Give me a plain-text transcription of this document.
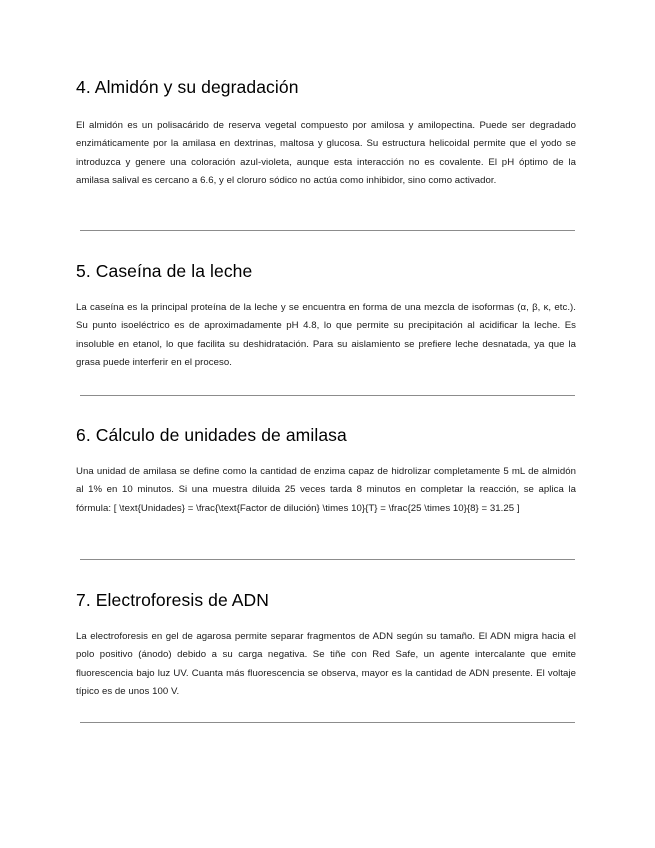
4. Almidón y su degradación

El almidón es un polisacárido de reserva vegetal compuesto por amilosa y amilopectina. Puede ser degradado enzimáticamente por la amilasa en dextrinas, maltosa y glucosa. Su estructura helicoidal permite que el yodo se introduzca y genere una coloración azul-violeta, aunque esta interacción no es covalente. El pH óptimo de la amilasa salival es cercano a 6.6, y el cloruro sódico no actúa como inhibidor, sino como activador.

5. Caseína de la leche

La caseína es la principal proteína de la leche y se encuentra en forma de una mezcla de isoformas (α, β, κ, etc.). Su punto isoeléctrico es de aproximadamente pH 4.8, lo que permite su precipitación al acidificar la leche. Es insoluble en etanol, lo que facilita su deshidratación. Para su aislamiento se prefiere leche desnatada, ya que la grasa puede interferir en el proceso.

6. Cálculo de unidades de amilasa

Una unidad de amilasa se define como la cantidad de enzima capaz de hidrolizar completamente 5 mL de almidón al 1% en 10 minutos. Si una muestra diluida 25 veces tarda 8 minutos en completar la reacción, se aplica la fórmula: [ \text{Unidades} = \frac{\text{Factor de dilución} \times 10}{T} = \frac{25 \times 10}{8} = 31.25 ]

7. Electroforesis de ADN

La electroforesis en gel de agarosa permite separar fragmentos de ADN según su tamaño. El ADN migra hacia el polo positivo (ánodo) debido a su carga negativa. Se tiñe con Red Safe, un agente intercalante que emite fluorescencia bajo luz UV. Cuanta más fluorescencia se observa, mayor es la cantidad de ADN presente. El voltaje típico es de unos 100 V.
